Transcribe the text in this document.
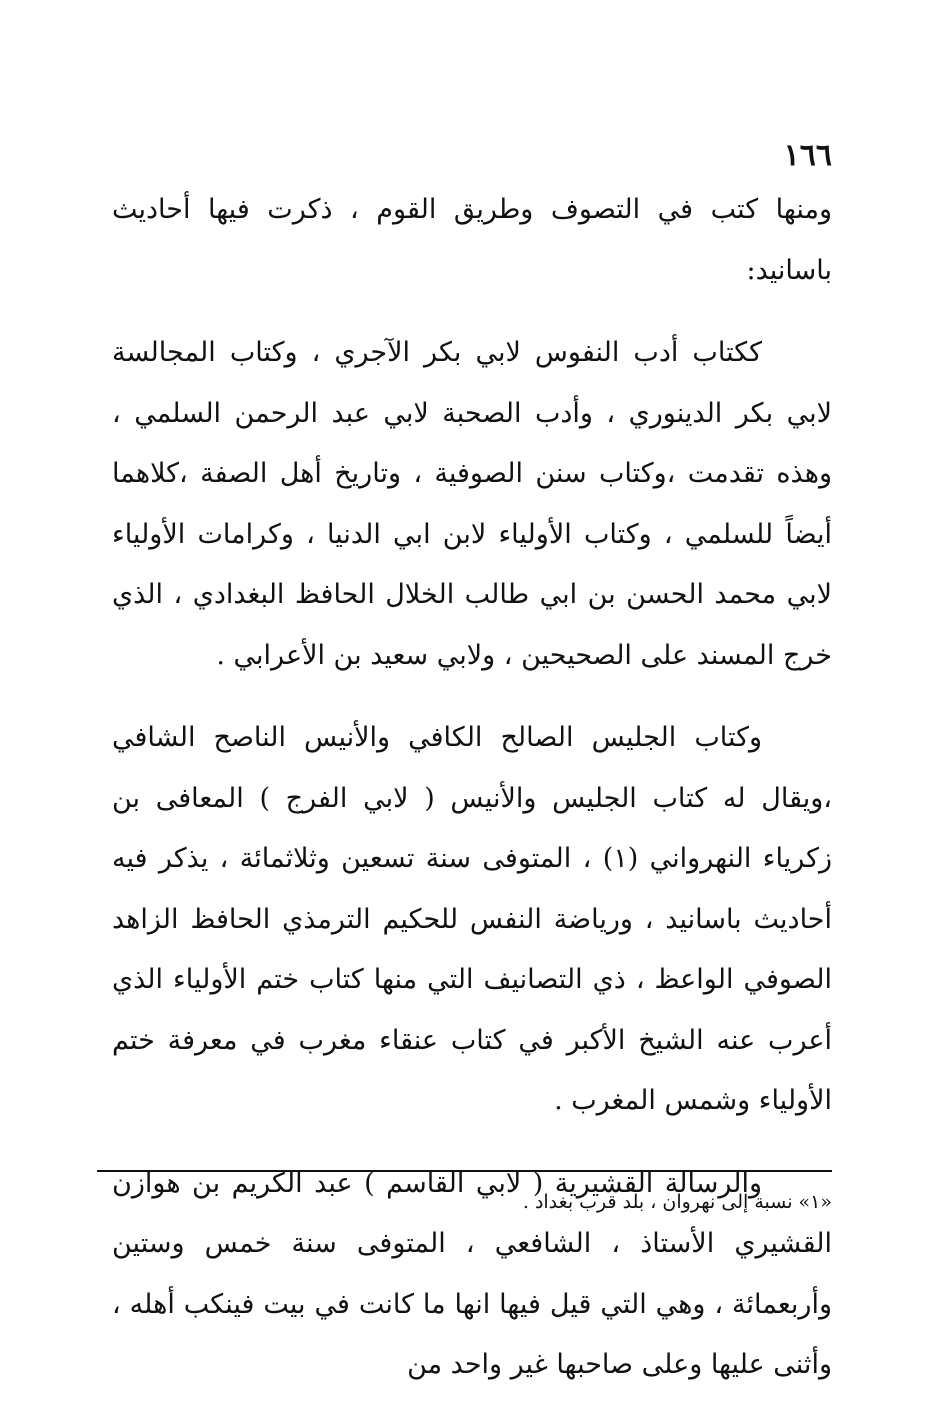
١٦٦

ومنها كتب في التصوف وطريق القوم ، ذكرت فيها أحاديث باسانيد:

ككتاب أدب النفوس لابي بكر الآجري ، وكتاب المجالسة لابي بكر الدينوري ، وأدب الصحبة لابي عبد الرحمن السلمي ، وهذه تقدمت ،وكتاب سنن الصوفية ، وتاريخ أهل الصفة ،كلاهما أيضاً للسلمي ، وكتاب الأولياء لابن ابي الدنيا ، وكرامات الأولياء لابي محمد الحسن بن ابي طالب الخلال الحافظ البغدادي ، الذي خرج المسند على الصحيحين ، ولابي سعيد بن الأعرابي .

وكتاب الجليس الصالح الكافي والأنيس الناصح الشافي ،ويقال له كتاب الجليس والأنيس ( لابي الفرج ) المعافى بن زكرياء النهرواني (١) ، المتوفى سنة تسعين وثلاثمائة ، يذكر فيه أحاديث باسانيد ، ورياضة النفس للحكيم الترمذي الحافظ الزاهد الصوفي الواعظ ، ذي التصانيف التي منها كتاب ختم الأولياء الذي أعرب عنه الشيخ الأكبر في كتاب عنقاء مغرب في معرفة ختم الأولياء وشمس المغرب .

والرسالة القشيرية ( لابي القاسم ) عبد الكريم بن هوازن القشيري الأستاذ ، الشافعي ، المتوفى سنة خمس وستين وأربعمائة ، وهي التي قيل فيها انها ما كانت في بيت فينكب أهله ، وأثنى عليها وعلى صاحبها غير واحد من

«١» نسبة إلى نهروان ، بلد قرب بغداد .
